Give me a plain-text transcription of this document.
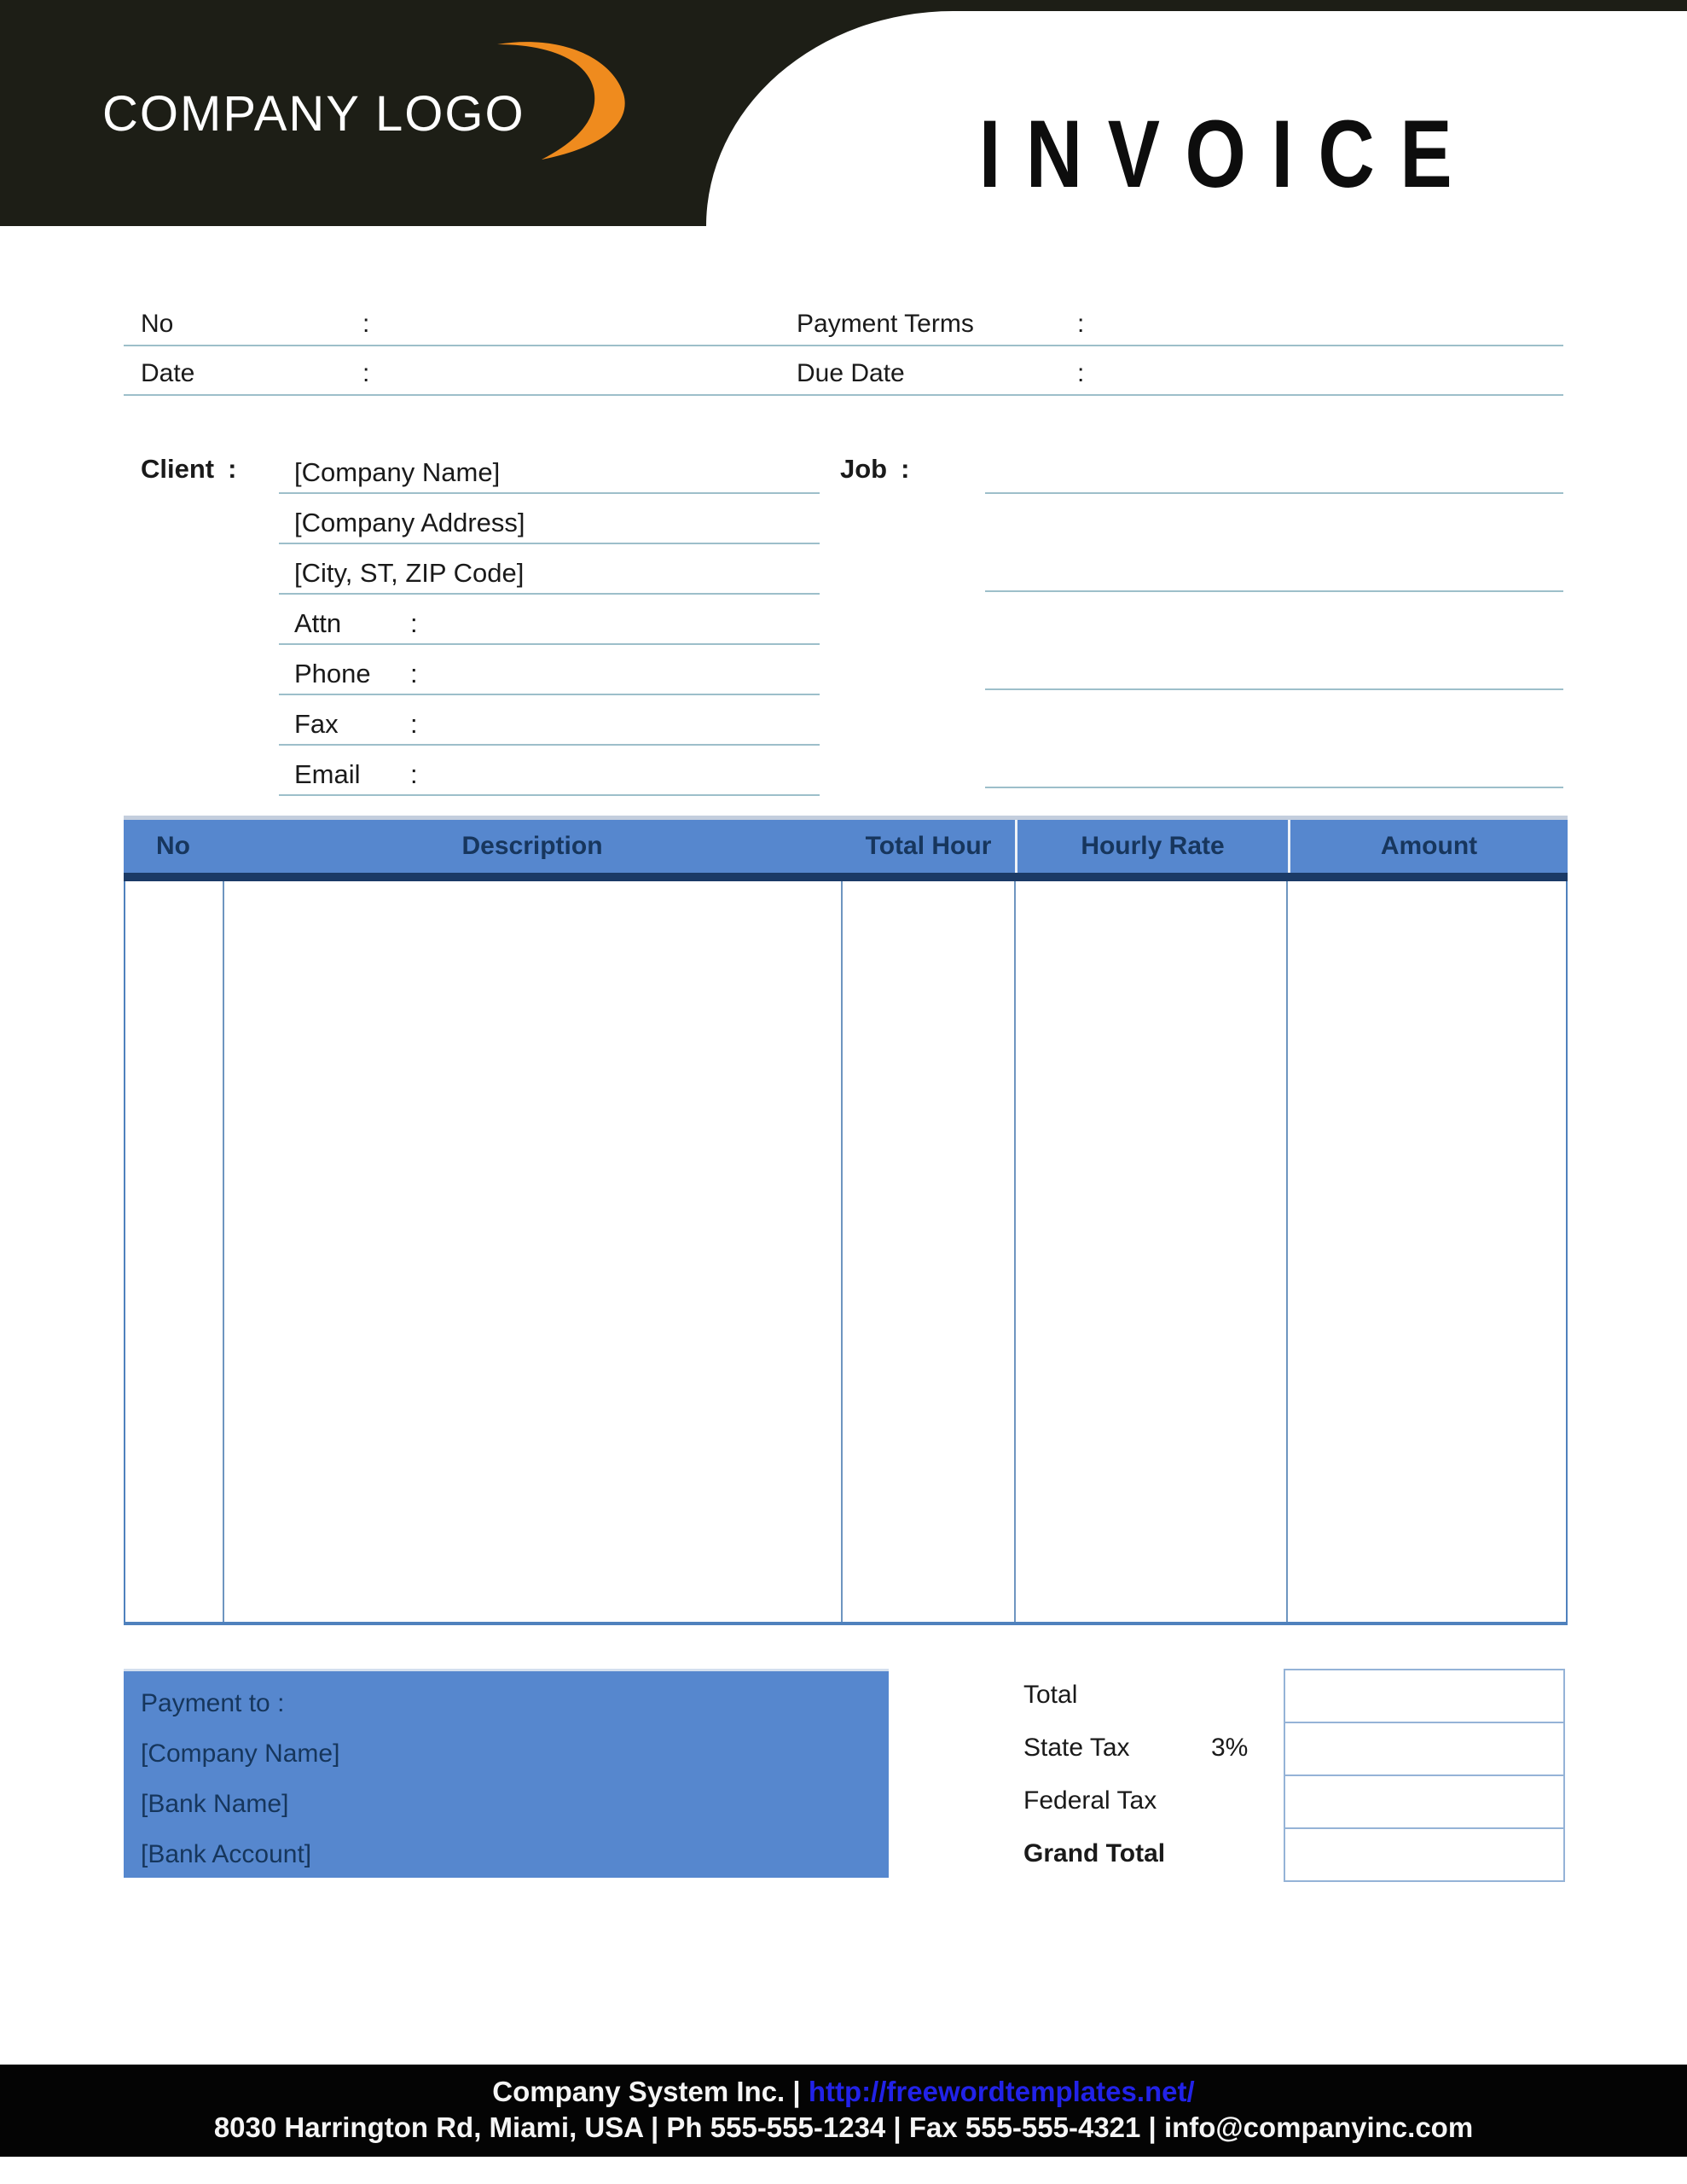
COMPANY LOGO	INVOICE
No	:	Payment Terms	:
Date	:	Due Date	:
Client : [Company Name]
[Company Address]
[City, ST, ZIP Code]
Attn	:
Phone :
Fax	:
Email :
Job :
No	Description	Total Hour	Hourly Rate	Amount
Payment to :
[Company Name]
[Bank Name]
[Bank Account]
Total
State Tax	3%
Federal Tax
Grand Total
Company System Inc. | http://freewordtemplates.net/
8030 Harrington Rd, Miami, USA | Ph 555-555-1234 | Fax 555-555-4321 | info@companyinc.com
